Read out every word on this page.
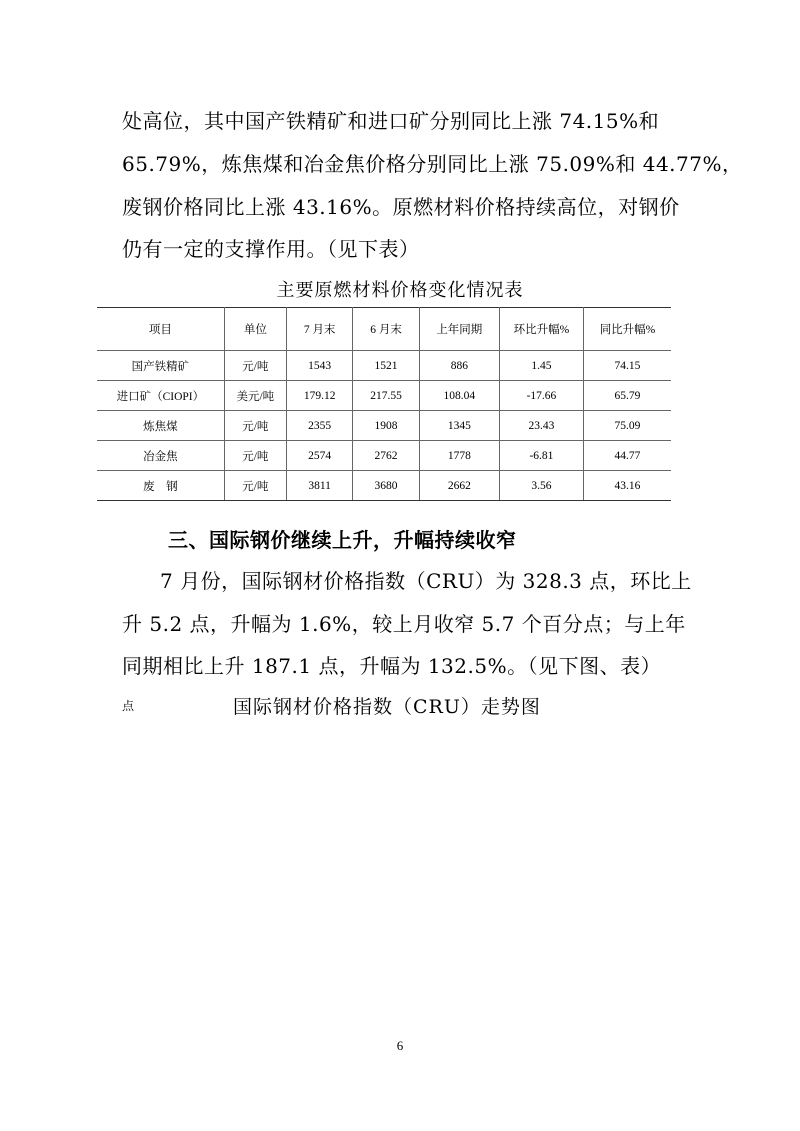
处高位，其中国产铁精矿和进口矿分别同比上涨 74.15%和
65.79%，炼焦煤和冶金焦价格分别同比上涨 75.09%和 44.77%，
废钢价格同比上涨 43.16%。原燃材料价格持续高位，对钢价
仍有一定的支撑作用。（见下表）
主要原燃材料价格变化情况表
项目	单位	7 月末	6 月末	上年同期	环比升幅%	同比升幅%
国产铁精矿	元/吨	1543	1521	886	1.45	74.15
进口矿（CIOPI）	美元/吨	179.12	217.55	108.04	-17.66	65.79
炼焦煤	元/吨	2355	1908	1345	23.43	75.09
冶金焦	元/吨	2574	2762	1778	-6.81	44.77
废　钢	元/吨	3811	3680	2662	3.56	43.16
三、国际钢价继续上升，升幅持续收窄
7 月份，国际钢材价格指数（CRU）为 328.3 点，环比上
升 5.2 点，升幅为 1.6%，较上月收窄 5.7 个百分点；与上年
同期相比上升 187.1 点，升幅为 132.5%。（见下图、表）
点	国际钢材价格指数（CRU）走势图
6
